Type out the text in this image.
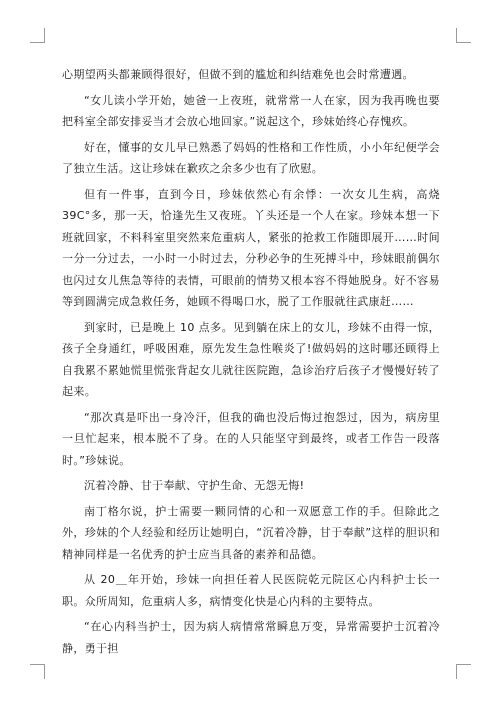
心期望两头都兼顾得很好，但做不到的尴尬和纠结难免也会时常遭遇。

“女儿读小学开始，她爸一上夜班，就常常一人在家，因为我再晚也要把科室全部安排妥当才会放心地回家。”说起这个，珍妹始终心存愧疚。

好在，懂事的女儿早已熟悉了妈妈的性格和工作性质，小小年纪便学会了独立生活。这让珍妹在歉疚之余多少也有了欣慰。

但有一件事，直到今日，珍妹依然心有余悸：一次女儿生病，高烧 39C°多，那一天，恰逢先生又夜班。丫头还是一个人在家。珍妹本想一下班就回家，不料科室里突然来危重病人，紧张的抢救工作随即展开……时间一分一分过去，一小时一小时过去，分秒必争的生死搏斗中，珍妹眼前偶尔也闪过女儿焦急等待的表情，可眼前的情势又根本容不得她脱身。好不容易等到圆满完成急救任务，她顾不得喝口水，脱了工作服就往武康赶……

到家时，已是晚上 10 点多。见到躺在床上的女儿，珍妹不由得一惊，孩子全身通红，呼吸困难，原先发生急性喉炎了!做妈妈的这时哪还顾得上自我累不累她慌里慌张背起女儿就往医院跑，急诊治疗后孩子才慢慢好转了起来。

“那次真是吓出一身冷汗，但我的确也没后悔过抱怨过，因为，病房里一旦忙起来，根本脱不了身。在的人只能坚守到最终，或者工作告一段落时。”珍妹说。

沉着冷静、甘于奉献、守护生命、无怨无悔!

南丁格尔说，护士需要一颗同情的心和一双愿意工作的手。但除此之外，珍妹的个人经验和经历让她明白，“沉着冷静，甘于奉献”这样的胆识和精神同样是一名优秀的护士应当具备的素养和品德。

从 20＿年开始，珍妹一向担任着人民医院乾元院区心内科护士长一职。众所周知，危重病人多，病情变化快是心内科的主要特点。

“在心内科当护士，因为病人病情常常瞬息万变，异常需要护士沉着冷静，勇于担
